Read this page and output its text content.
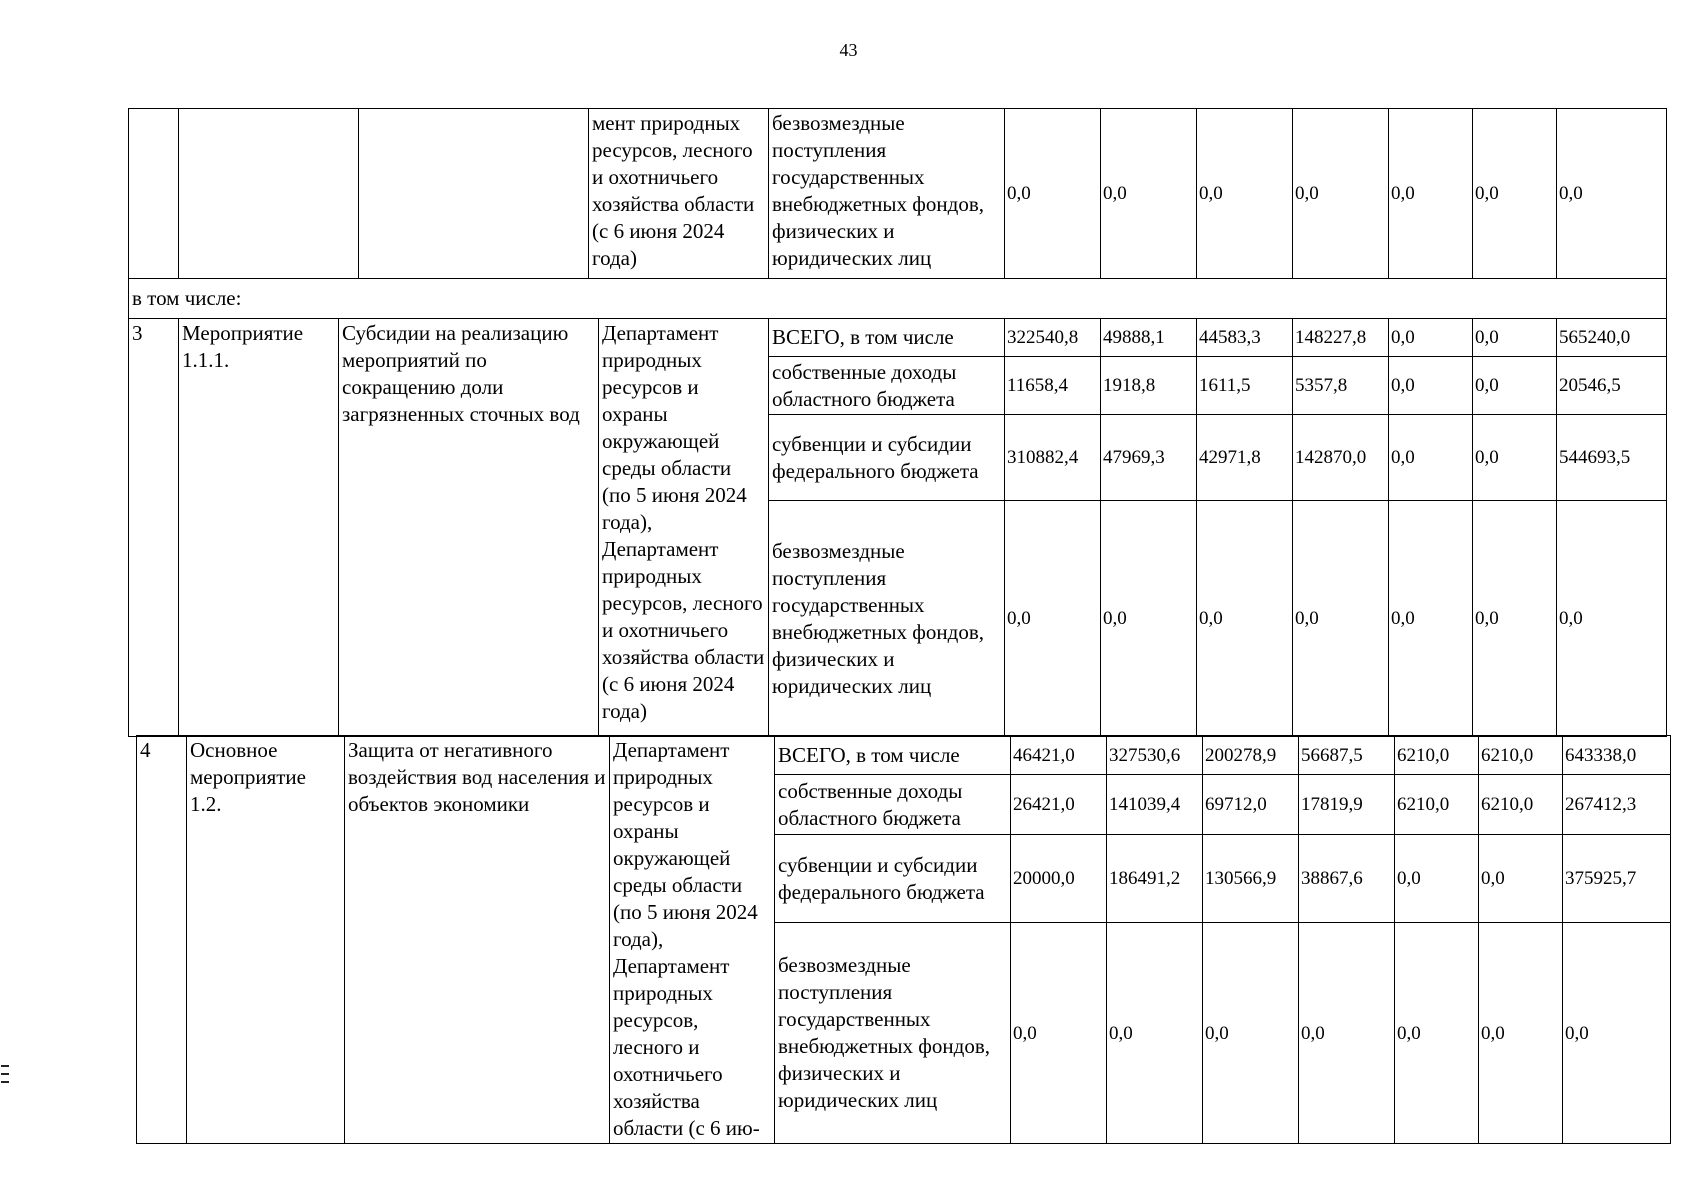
43
			мент природных ресурсов, лесного и охотничьего хозяйства области (с 6 июня 2024 года)	безвозмездные поступления государственных внебюджетных фондов, физических и юридических лиц	0,0	0,0	0,0	0,0	0,0	0,0	0,0
в том числе:											
3	Мероприятие 1.1.1.	Субсидии на реализацию мероприятий по сокращению доли загрязненных сточных вод	Департамент природных ресурсов и охраны окружающей среды области (по 5 июня 2024 года), Департамент природных ресурсов, лесного и охотничьего хозяйства области (с 6 июня 2024 года)	ВСЕГО, в том числе	322540,8	49888,1	44583,3	148227,8	0,0	0,0	565240,0
				собственные доходы областного бюджета	11658,4	1918,8	1611,5	5357,8	0,0	0,0	20546,5
				субвенции и субсидии федерального бюджета	310882,4	47969,3	42971,8	142870,0	0,0	0,0	544693,5
				безвозмездные поступления государственных внебюджетных фондов, физических и юридических лиц	0,0	0,0	0,0	0,0	0,0	0,0	0,0
4	Основное мероприятие 1.2.	Защита от негативного воздействия вод населения и объектов экономики	Департамент природных ресурсов и охраны окружающей среды области (по 5 июня 2024 года), Департамент природных ресурсов, лесного и охотничьего хозяйства области (с 6 ию-	ВСЕГО, в том числе	46421,0	327530,6	200278,9	56687,5	6210,0	6210,0	643338,0
				собственные доходы областного бюджета	26421,0	141039,4	69712,0	17819,9	6210,0	6210,0	267412,3
				субвенции и субсидии федерального бюджета	20000,0	186491,2	130566,9	38867,6	0,0	0,0	375925,7
				безвозмездные поступления государственных внебюджетных фондов, физических и юридических лиц	0,0	0,0	0,0	0,0	0,0	0,0	0,0
